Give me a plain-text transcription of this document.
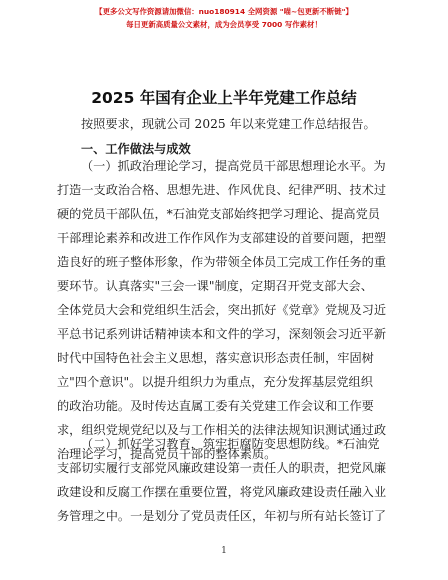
【更多公文写作资源请加微信：nuo180914 全网资源 "喵~包更新不断链"】
每日更新高质量公文素材，成为会员享受 7000 写作素材！
2025 年国有企业上半年党建工作总结
按照要求，现就公司 2025 年以来党建工作总结报告。
一、工作做法与成效
（一）抓政治理论学习，提高党员干部思想理论水平。为
打造一支政治合格、思想先进、作风优良、纪律严明、技术过
硬的党员干部队伍，*石油党支部始终把学习理论、提高党员
干部理论素养和改进工作作风作为支部建设的首要问题，把塑
造良好的班子整体形象，作为带领全体员工完成工作任务的重
要环节。认真落实"三会一课"制度，定期召开党支部大会、
全体党员大会和党组织生活会，突出抓好《党章》党规及习近
平总书记系列讲话精神读本和文件的学习，深刻领会习近平新
时代中国特色社会主义思想，落实意识形态责任制，牢固树
立"四个意识"。以提升组织力为重点，充分发挥基层党组织
的政治功能。及时传达直属工委有关党建工作会议和工作要
求，组织党规党纪以及与工作相关的法律法规知识测试通过政
治理论学习，提高党员干部的整体素质。
（二）抓好学习教育，筑牢拒腐防变思想防线。*石油党
支部切实履行支部党风廉政建设第一责任人的职责，把党风廉
政建设和反腐工作摆在重要位置，将党风廉政建设责任融入业
务管理之中。一是划分了党员责任区，年初与所有站长签订了
1
